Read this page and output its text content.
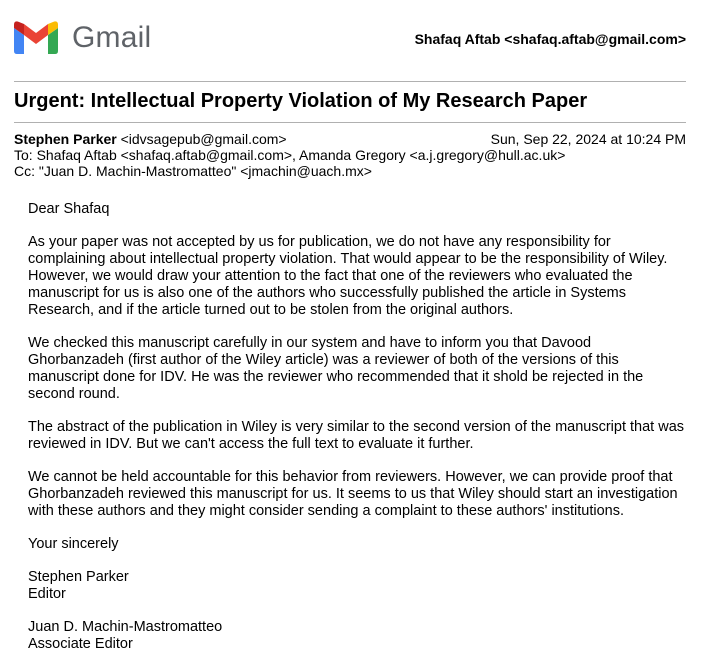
Gmail	Shafaq Aftab <shafaq.aftab@gmail.com>
Urgent: Intellectual Property Violation of My Research Paper
Stephen Parker <idvsagepub@gmail.com>	Sun, Sep 22, 2024 at 10:24 PM
To: Shafaq Aftab <shafaq.aftab@gmail.com>, Amanda Gregory <a.j.gregory@hull.ac.uk>
Cc: "Juan D. Machin-Mastromatteo" <jmachin@uach.mx>

Dear Shafaq

As your paper was not accepted by us for publication, we do not have any responsibility for complaining about intellectual property violation. That would appear to be the responsibility of Wiley. However, we would draw your attention to the fact that one of the reviewers who evaluated the manuscript for us is also one of the authors who successfully published the article in Systems Research, and if the article turned out to be stolen from the original authors.

We checked this manuscript carefully in our system and have to inform you that Davood Ghorbanzadeh (first author of the Wiley article) was a reviewer of both of the versions of this manuscript done for IDV. He was the reviewer who recommended that it shold be rejected in the second round.

The abstract of the publication in Wiley is very similar to the second version of the manuscript that was reviewed in IDV. But we can't access the full text to evaluate it further.

We cannot be held accountable for this behavior from reviewers. However, we can provide proof that Ghorbanzadeh reviewed this manuscript for us. It seems to us that Wiley should start an investigation with these authors and they might consider sending a complaint to these authors' institutions.

Your sincerely

Stephen Parker
Editor
Juan D. Machin-Mastromatteo
Associate Editor
